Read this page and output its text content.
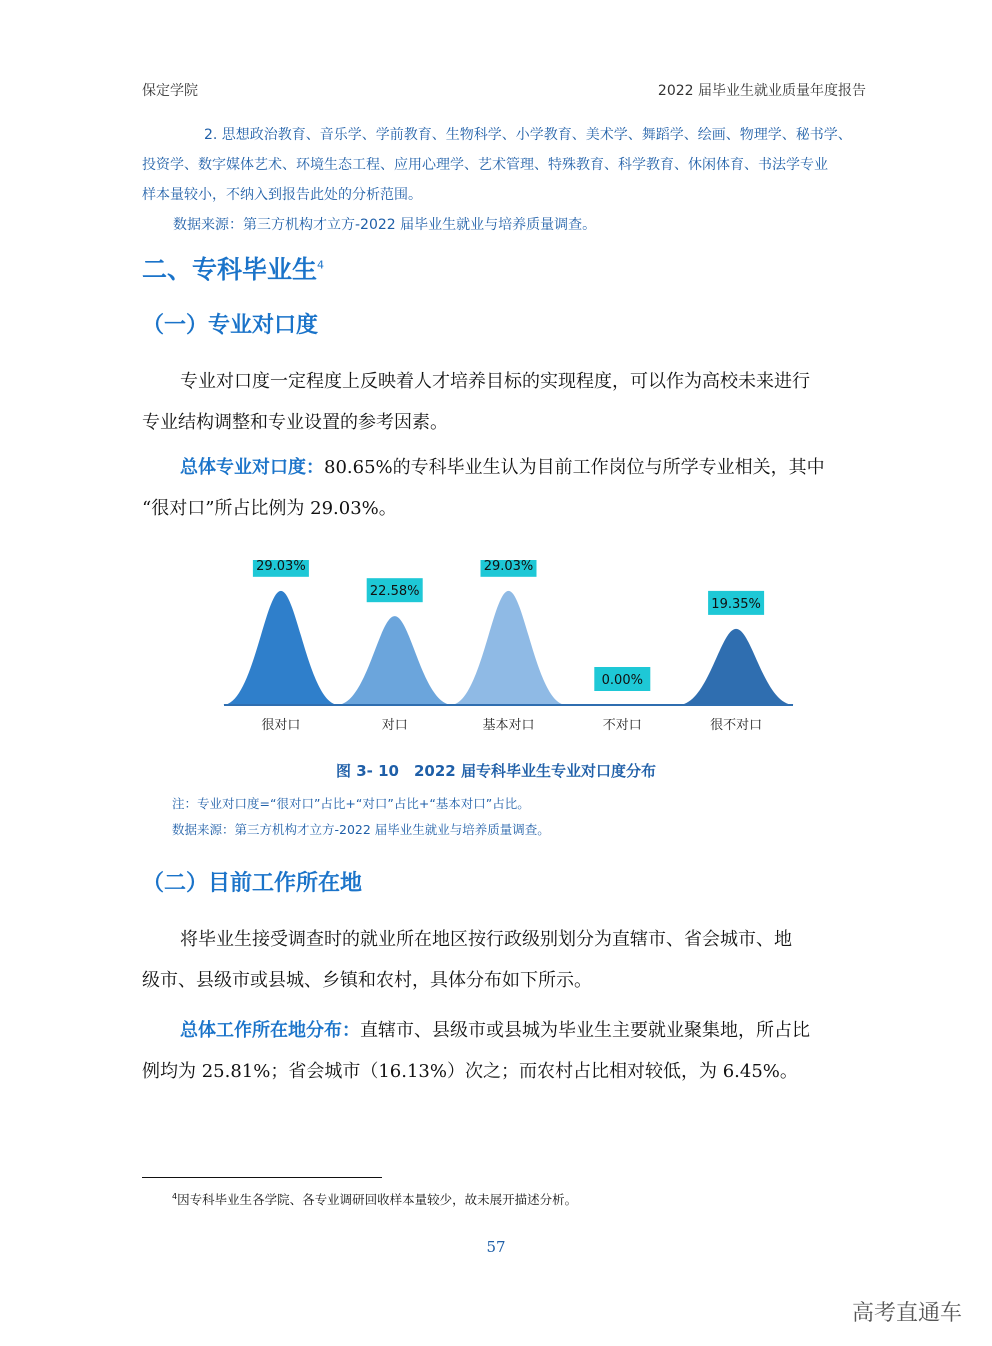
保定学院	2022 届毕业生就业质量年度报告
2. 思想政治教育、音乐学、学前教育、生物科学、小学教育、美术学、舞蹈学、绘画、物理学、秘书学、
投资学、数字媒体艺术、环境生态工程、应用心理学、艺术管理、特殊教育、科学教育、休闲体育、书法学专业
样本量较小，不纳入到报告此处的分析范围。
数据来源：第三方机构才立方-2022 届毕业生就业与培养质量调查。
二、专科毕业生$^4$
（一）专业对口度
专业对口度一定程度上反映着人才培养目标的实现程度，可以作为高校未来进行
专业结构调整和专业设置的参考因素。
总体专业对口度：80.65%的专科毕业生认为目前工作岗位与所学专业相关，其中
“很对口”所占比例为 29.03%。
29.03%
很对口
22.58%
对口
29.03%
基本对口
0.00%
不对口
19.35%
很不对口
图 3- 10　2022 届专科毕业生专业对口度分布
注：专业对口度=“很对口”占比+“对口”占比+“基本对口”占比。
数据来源：第三方机构才立方-2022 届毕业生就业与培养质量调查。
（二）目前工作所在地
将毕业生接受调查时的就业所在地区按行政级别划分为直辖市、省会城市、地
级市、县级市或县城、乡镇和农村，具体分布如下所示。
总体工作所在地分布：直辖市、县级市或县城为毕业生主要就业聚集地，所占比
例均为 25.81%；省会城市（16.13%）次之；而农村占比相对较低，为 6.45%。
$^4$因专科毕业生各学院、各专业调研回收样本量较少，故未展开描述分析。
57
高考直通车
